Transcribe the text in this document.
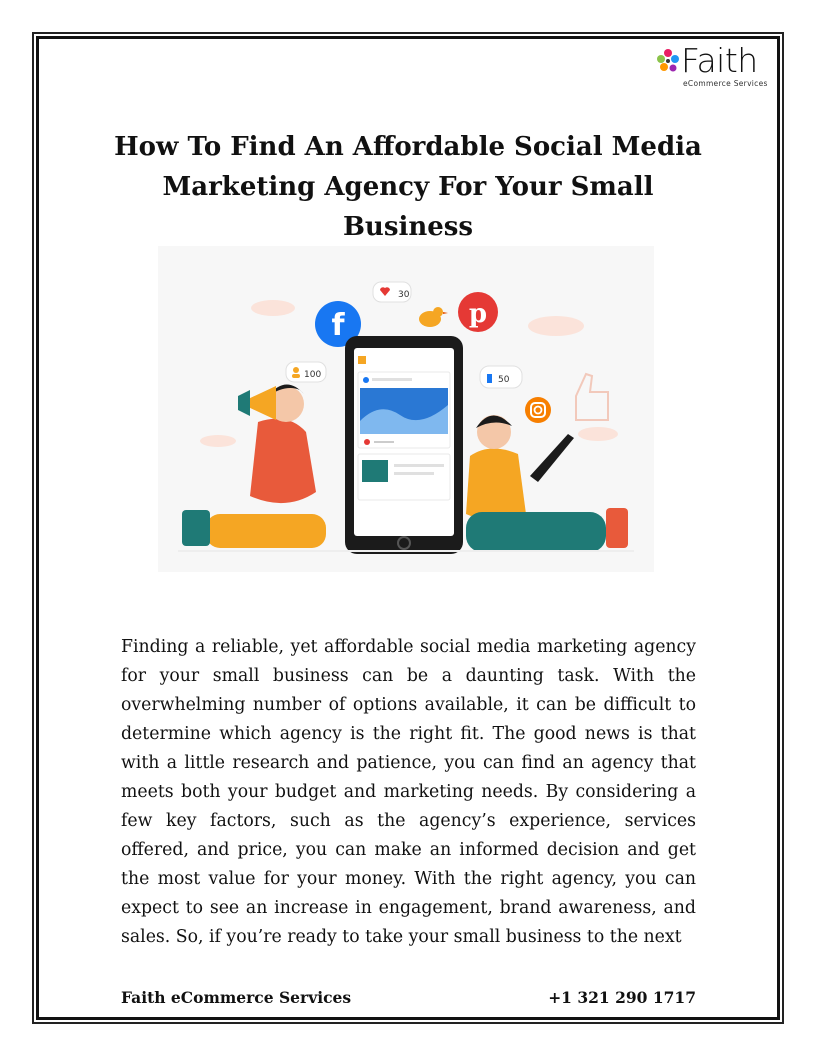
Faith
eCommerce Services
How To Find An Affordable Social Media Marketing Agency For Your Small Business
f	p
30
100	50

Finding a reliable, yet affordable social media marketing agency for your small business can be a daunting task. With the overwhelming number of options available, it can be difficult to determine which agency is the right fit. The good news is that with a little research and patience, you can find an agency that meets both your budget and marketing needs. By considering a few key factors, such as the agency’s experience, services offered, and price, you can make an informed decision and get the most value for your money. With the right agency, you can expect to see an increase in engagement, brand awareness, and sales. So, if you’re ready to take your small business to the next

Faith eCommerce Services	+1 321 290 1717
